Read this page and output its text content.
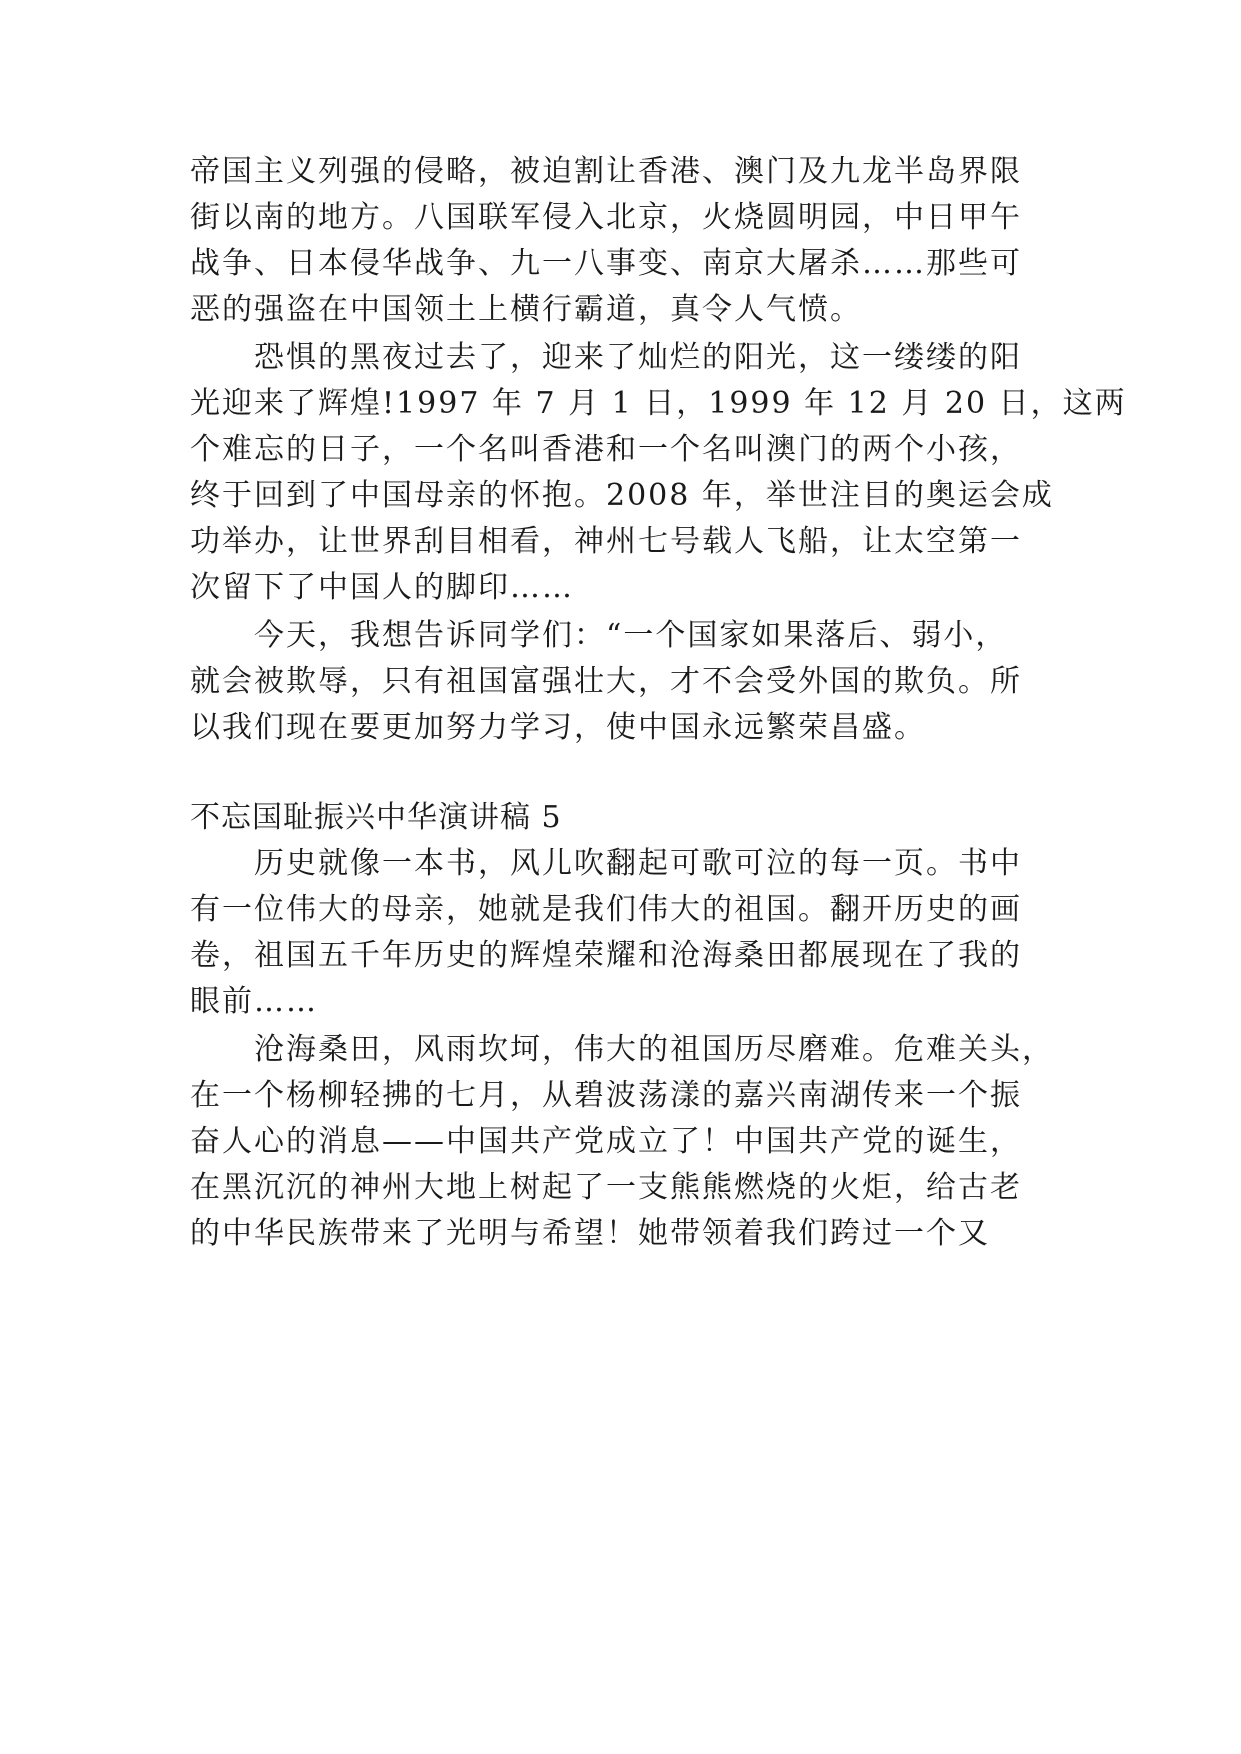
帝国主义列强的侵略，被迫割让香港、澳门及九龙半岛界限
街以南的地方。八国联军侵入北京，火烧圆明园，中日甲午
战争、日本侵华战争、九一八事变、南京大屠杀……那些可
恶的强盗在中国领土上横行霸道，真令人气愤。
恐惧的黑夜过去了，迎来了灿烂的阳光，这一缕缕的阳
光迎来了辉煌!1997 年 7 月 1 日，1999 年 12 月 20 日，这两
个难忘的日子，一个名叫香港和一个名叫澳门的两个小孩，
终于回到了中国母亲的怀抱。2008 年，举世注目的奥运会成
功举办，让世界刮目相看，神州七号载人飞船，让太空第一
次留下了中国人的脚印……
今天，我想告诉同学们：“一个国家如果落后、弱小，
就会被欺辱，只有祖国富强壮大，才不会受外国的欺负。所
以我们现在要更加努力学习，使中国永远繁荣昌盛。
不忘国耻振兴中华演讲稿 5
历史就像一本书，风儿吹翻起可歌可泣的每一页。书中
有一位伟大的母亲，她就是我们伟大的祖国。翻开历史的画
卷，祖国五千年历史的辉煌荣耀和沧海桑田都展现在了我的
眼前……
沧海桑田，风雨坎坷，伟大的祖国历尽磨难。危难关头，
在一个杨柳轻拂的七月，从碧波荡漾的嘉兴南湖传来一个振
奋人心的消息——中国共产党成立了！中国共产党的诞生，
在黑沉沉的神州大地上树起了一支熊熊燃烧的火炬，给古老
的中华民族带来了光明与希望！她带领着我们跨过一个又
